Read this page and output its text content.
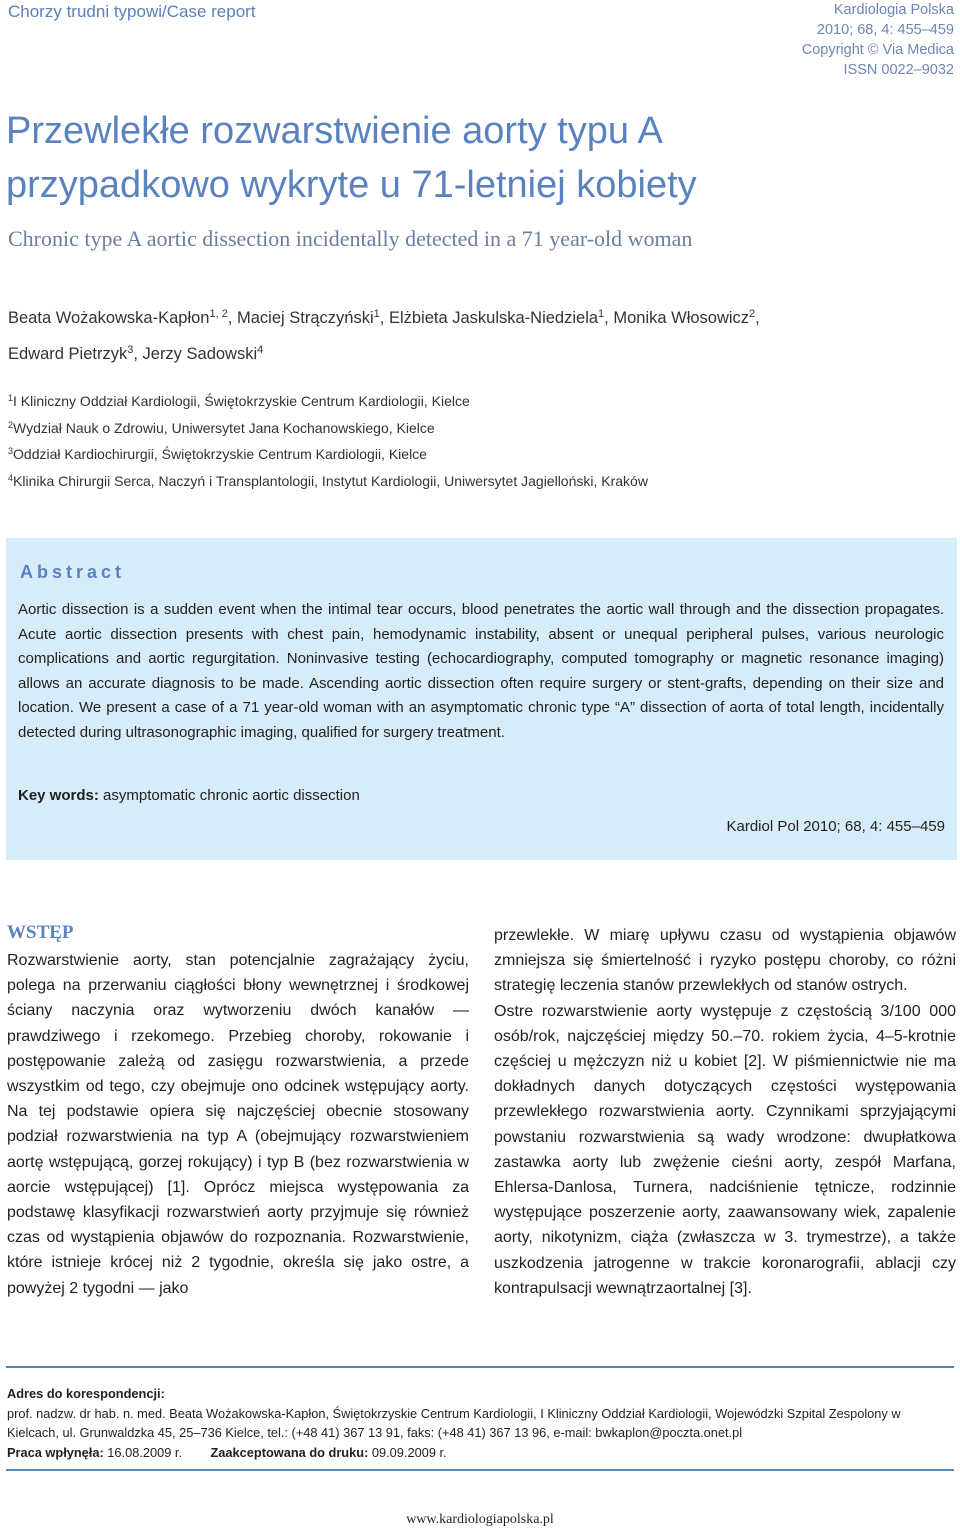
Chorzy trudni typowi/Case report	Kardiologia Polska
2010; 68, 4: 455–459
Copyright © Via Medica
ISSN 0022–9032
Przewlekłe rozwarstwienie aorty typu A
przypadkowo wykryte u 71-letniej kobiety
Chronic type A aortic dissection incidentally detected in a 71 year-old woman
Beata Wożakowska-Kapłon$^{1, 2}$, Maciej Strączyński$^1$, Elżbieta Jaskulska-Niedziela$^1$, Monika Włosowicz$^2$,
Edward Pietrzyk$^3$, Jerzy Sadowski$^4$
$^1$I Kliniczny Oddział Kardiologii, Świętokrzyskie Centrum Kardiologii, Kielce
$^2$Wydział Nauk o Zdrowiu, Uniwersytet Jana Kochanowskiego, Kielce
$^3$Oddział Kardiochirurgii, Świętokrzyskie Centrum Kardiologii, Kielce
$^4$Klinika Chirurgii Serca, Naczyń i Transplantologii, Instytut Kardiologii, Uniwersytet Jagielloński, Kraków
Abstract
Aortic dissection is a sudden event when the intimal tear occurs, blood penetrates the aortic wall through and the dissection propagates. Acute aortic dissection presents with chest pain, hemodynamic instability, absent or unequal peripheral pulses, various neurologic complications and aortic regurgitation. Noninvasive testing (echocardiography, computed tomography or magnetic resonance imaging) allows an accurate diagnosis to be made. Ascending aortic dissection often require surgery or stent-grafts, depending on their size and location. We present a case of a 71 year-old woman with an asymptomatic chronic type “A” dissection of aorta of total length, incidentally detected during ultrasonographic imaging, qualified for surgery treatment.
Key words: asymptomatic chronic aortic dissection
Kardiol Pol 2010; 68, 4: 455–459
WSTĘP
Rozwarstwienie aorty, stan potencjalnie zagrażający życiu, polega na przerwaniu ciągłości błony wewnętrznej i środkowej ściany naczynia oraz wytworzeniu dwóch kanałów — prawdziwego i rzekomego. Przebieg choroby, rokowanie i postępowanie zależą od zasięgu rozwarstwienia, a przede wszystkim od tego, czy obejmuje ono odcinek wstępujący aorty. Na tej podstawie opiera się najczęściej obecnie stosowany podział rozwarstwienia na typ A (obejmujący rozwarstwieniem aortę wstępującą, gorzej rokujący) i typ B (bez rozwarstwienia w aorcie wstępującej) [1]. Oprócz miejsca występowania za podstawę klasyfikacji rozwarstwień aorty przyjmuje się również czas od wystąpienia objawów do rozpoznania. Rozwarstwienie, które istnieje krócej niż 2 tygodnie, określa się jako ostre, a powyżej 2 tygodni — jako
przewlekłe. W miarę upływu czasu od wystąpienia objawów zmniejsza się śmiertelność i ryzyko postępu choroby, co różni strategię leczenia stanów przewlekłych od stanów ostrych.
Ostre rozwarstwienie aorty występuje z częstością 3/100 000 osób/rok, najczęściej między 50.–70. rokiem życia, 4–5-krotnie częściej u mężczyzn niż u kobiet [2]. W piśmiennictwie nie ma dokładnych danych dotyczących częstości występowania przewlekłego rozwarstwienia aorty. Czynnikami sprzyjającymi powstaniu rozwarstwienia są wady wrodzone: dwupłatkowa zastawka aorty lub zwężenie cieśni aorty, zespół Marfana, Ehlersa-Danlosa, Turnera, nadciśnienie tętnicze, rodzinnie występujące poszerzenie aorty, zaawansowany wiek, zapalenie aorty, nikotynizm, ciąża (zwłaszcza w 3. trymestrze), a także uszkodzenia jatrogenne w trakcie koronarografii, ablacji czy kontrapulsacji wewnątrzaortalnej [3].
Adres do korespondencji:
prof. nadzw. dr hab. n. med. Beata Wożakowska-Kapłon, Świętokrzyskie Centrum Kardiologii, I Kliniczny Oddział Kardiologii, Wojewódzki Szpital Zespolony w Kielcach, ul. Grunwaldzka 45, 25–736 Kielce, tel.: (+48 41) 367 13 91, faks: (+48 41) 367 13 96, e-mail: bwkaplon@poczta.onet.pl
Praca wpłynęła: 16.08.2009 r. Zaakceptowana do druku: 09.09.2009 r.
www.kardiologiapolska.pl
